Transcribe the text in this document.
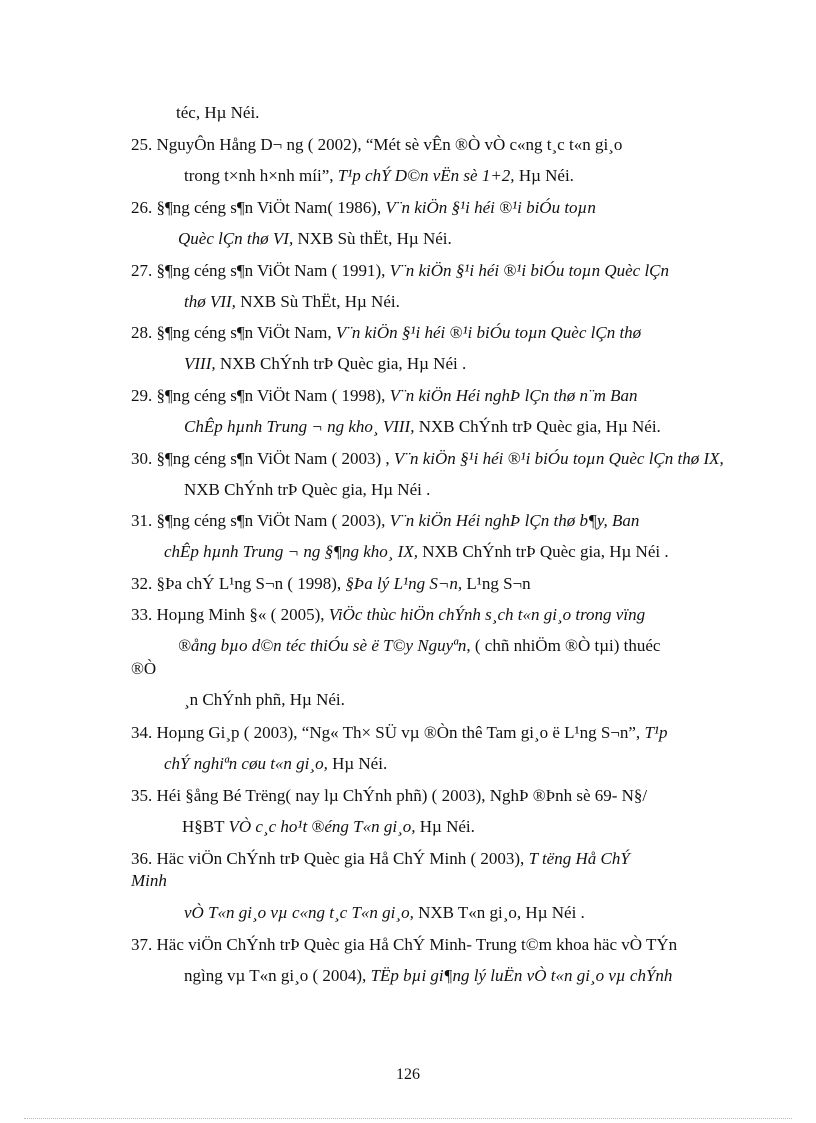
téc, Hµ Néi.
25. NguyÔn Hång D¬ ng ( 2002), “Mét sè vÊn ®Ò vÒ c«ng t¸c t«n gi¸o
trong t×nh h×nh míi”, T¹p chÝ D©n vËn sè 1+2, Hµ Néi.
26. §¶ng céng s¶n ViÖt Nam( 1986), V¨n kiÖn §¹i héi ®¹i biÓu toµn
Quèc lÇn thø VI, NXB Sù thËt, Hµ Néi.
27. §¶ng céng s¶n ViÖt Nam ( 1991), V¨n kiÖn §¹i héi ®¹i biÓu toµn Quèc lÇn
thø VII, NXB Sù ThËt, Hµ Néi.
28. §¶ng céng s¶n ViÖt Nam, V¨n kiÖn §¹i héi ®¹i biÓu toµn Quèc lÇn thø
VIII, NXB ChÝnh trÞ Quèc gia, Hµ Néi .
29. §¶ng céng s¶n ViÖt Nam ( 1998), V¨n kiÖn Héi nghÞ lÇn thø n¨m Ban
ChÊp hµnh Trung ¬ ng kho¸ VIII, NXB ChÝnh trÞ Quèc gia, Hµ Néi.
30. §¶ng céng s¶n ViÖt Nam ( 2003) , V¨n kiÖn §¹i héi ®¹i biÓu toµn Quèc lÇn thø IX,
NXB ChÝnh trÞ Quèc gia, Hµ Néi .
31. §¶ng céng s¶n ViÖt Nam ( 2003), V¨n kiÖn Héi nghÞ lÇn thø b¶y, Ban
chÊp hµnh Trung ¬ ng §¶ng kho¸ IX, NXB ChÝnh trÞ Quèc gia, Hµ Néi .
32. §Þa chÝ L¹ng S¬n ( 1998), §Þa lý L¹ng S¬n, L¹ng S¬n
33. Hoµng Minh §« ( 2005), ViÖc thùc hiÖn chÝnh s¸ch t«n gi¸o trong vïng
®ång bµo d©n téc thiÓu sè ë T©y Nguyªn, ( chñ nhiÖm ®Ò tµi) thuéc
®Ò
¸n ChÝnh phñ, Hµ Néi.
34. Hoµng Gi¸p ( 2003), “Ng« Th× SÜ vµ ®Òn thê Tam gi¸o ë L¹ng S¬n”, T¹p
chÝ nghiªn cøu t«n gi¸o, Hµ Néi.
35. Héi §ång Bé Trëng( nay lµ ChÝnh phñ) ( 2003), NghÞ ®Þnh sè 69- N§/
H§BT VÒ c¸c ho¹t ®éng T«n gi¸o, Hµ Néi.
36. Häc viÖn ChÝnh trÞ Quèc gia Hå ChÝ Minh ( 2003), T tëng Hå ChÝ
Minh
vÒ T«n gi¸o vµ c«ng t¸c T«n gi¸o, NXB T«n gi¸o, Hµ Néi .
37. Häc viÖn ChÝnh trÞ Quèc gia Hå ChÝ Minh- Trung t©m khoa häc vÒ TÝn
ngìng vµ T«n gi¸o ( 2004), TËp bµi gi¶ng lý luËn vÒ t«n gi¸o vµ chÝnh
126
